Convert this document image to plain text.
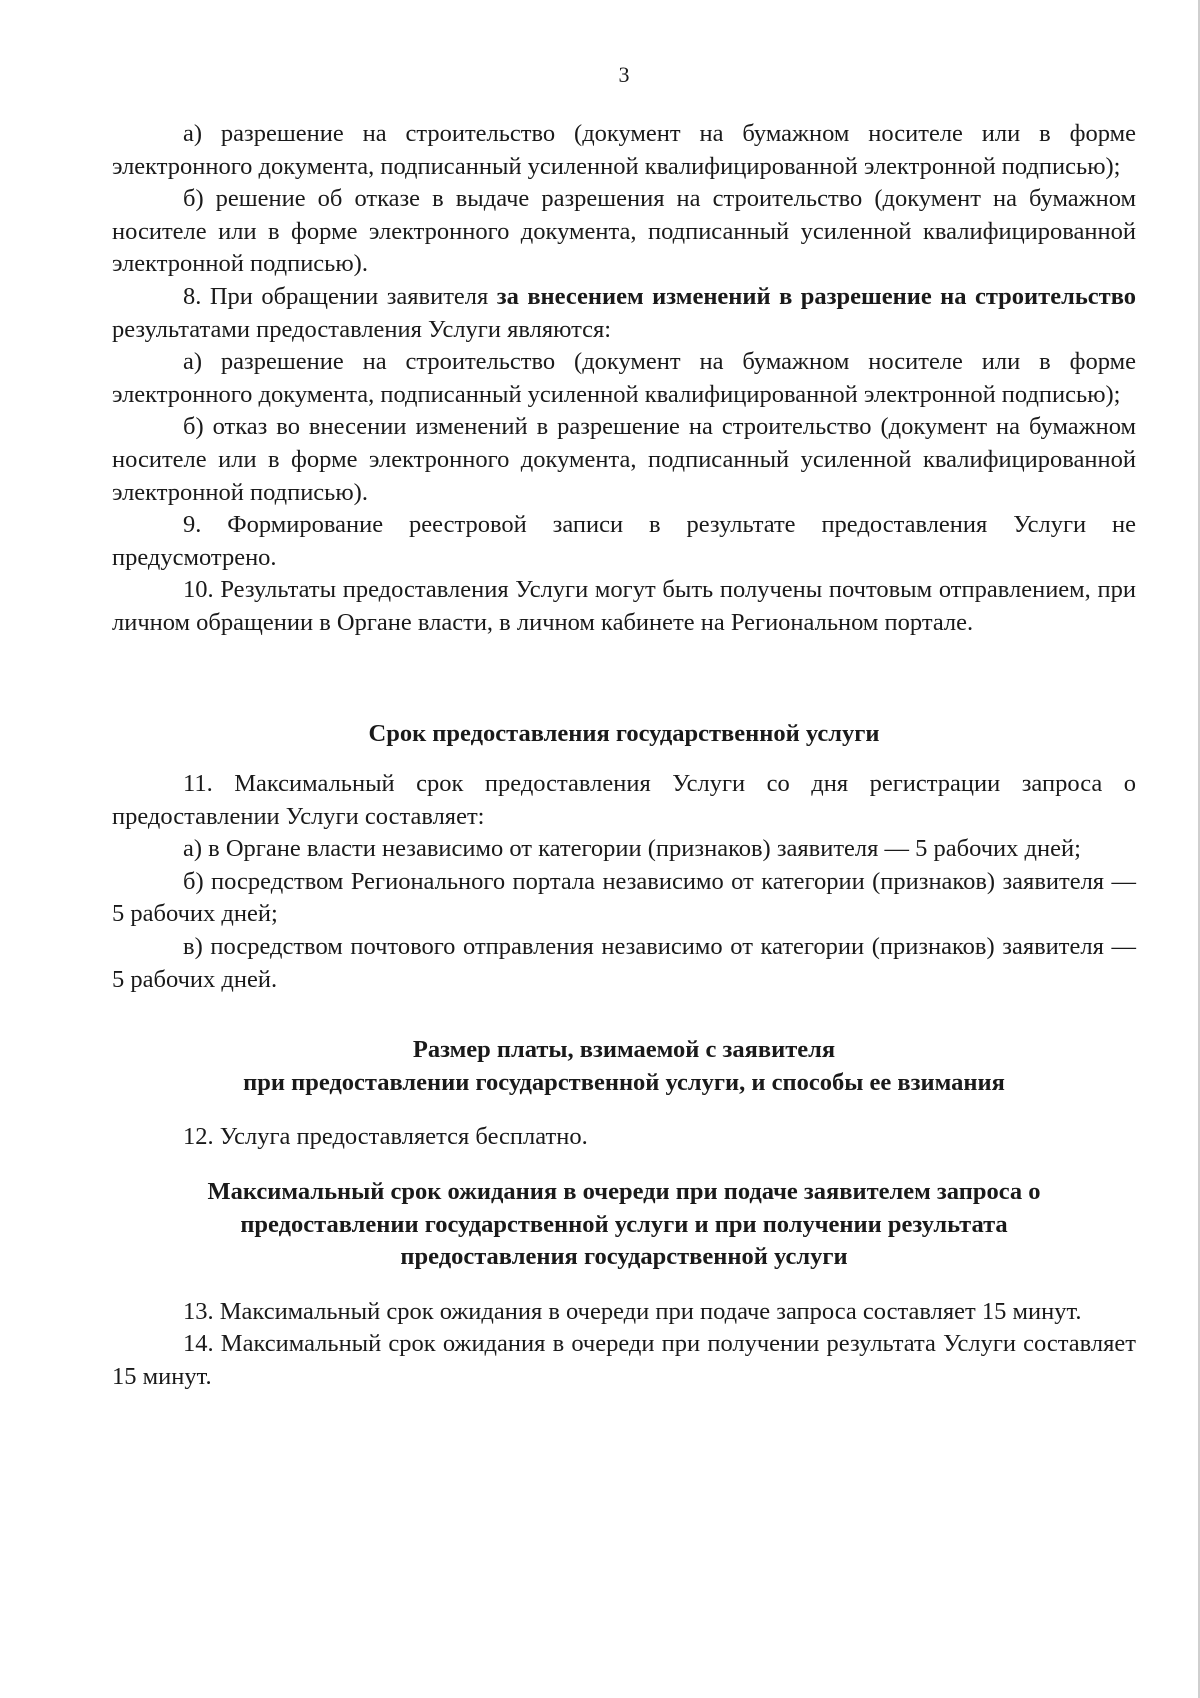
3

а) разрешение на строительство (документ на бумажном носителе или в форме электронного документа, подписанный усиленной квалифицированной электронной подписью);

б) решение об отказе в выдаче разрешения на строительство (документ на бумажном носителе или в форме электронного документа, подписанный усиленной квалифицированной электронной подписью).

8. При обращении заявителя за внесением изменений в разрешение на строительство результатами предоставления Услуги являются:

а) разрешение на строительство (документ на бумажном носителе или в форме электронного документа, подписанный усиленной квалифицированной электронной подписью);

б) отказ во внесении изменений в разрешение на строительство (документ на бумажном носителе или в форме электронного документа, подписанный усиленной квалифицированной электронной подписью).

9. Формирование реестровой записи в результате предоставления Услуги не предусмотрено.

10. Результаты предоставления Услуги могут быть получены почтовым отправлением, при личном обращении в Органе власти, в личном кабинете на Региональном портале.

Срок предоставления государственной услуги

11. Максимальный срок предоставления Услуги со дня регистрации запроса о предоставлении Услуги составляет:

а) в Органе власти независимо от категории (признаков) заявителя — 5 рабочих дней;

б) посредством Регионального портала независимо от категории (признаков) заявителя — 5 рабочих дней;

в) посредством почтового отправления независимо от категории (признаков) заявителя — 5 рабочих дней.

Размер платы, взимаемой с заявителя
при предоставлении государственной услуги, и способы ее взимания

12. Услуга предоставляется бесплатно.

Максимальный срок ожидания в очереди при подаче заявителем запроса о
предоставлении государственной услуги и при получении результата
предоставления государственной услуги

13. Максимальный срок ожидания в очереди при подаче запроса составляет 15 минут.

14. Максимальный срок ожидания в очереди при получении результата Услуги составляет 15 минут.
